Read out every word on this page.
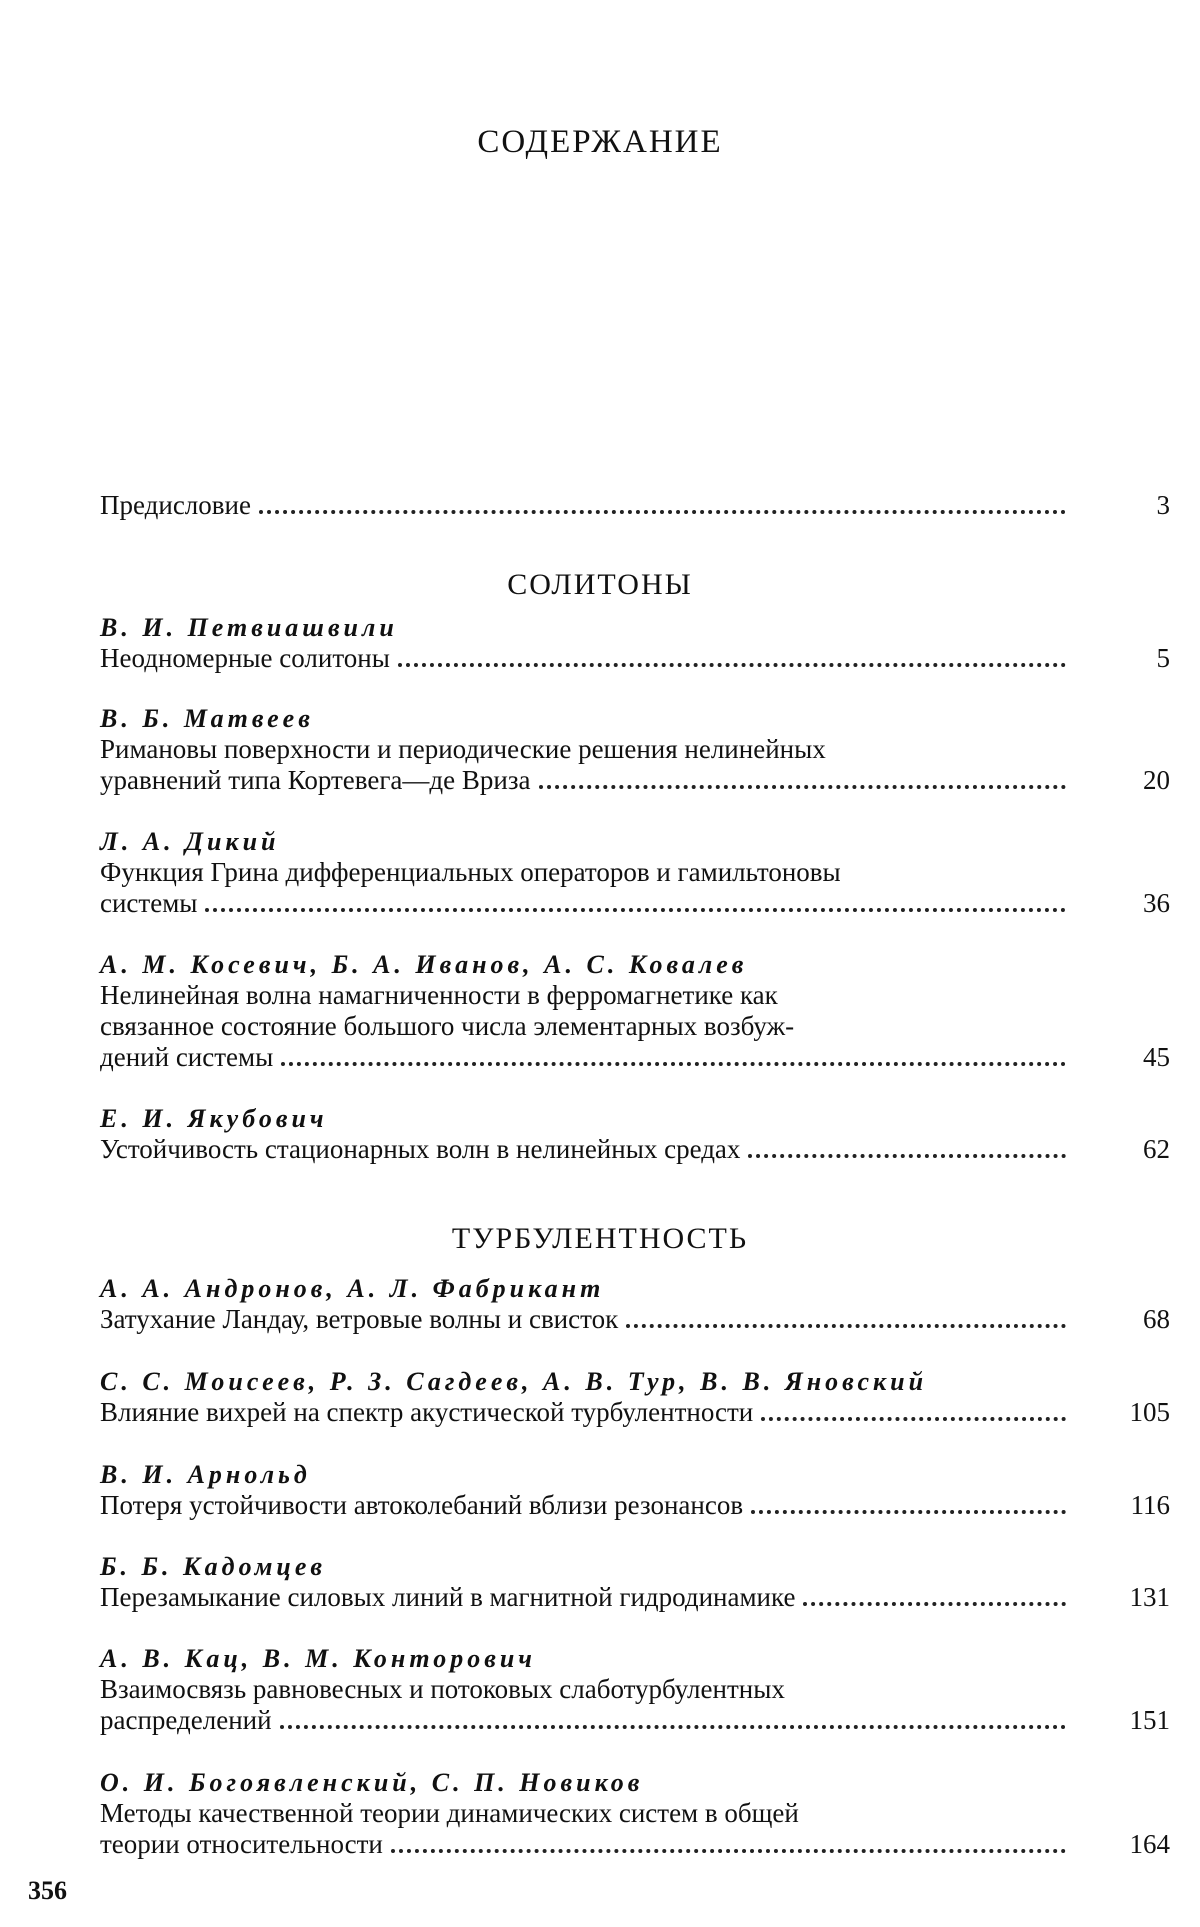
СОДЕРЖАНИЕ
Предисловие	3
СОЛИТОНЫ
В. И. Петвиашвили
Неодномерные солитоны	5
В. Б. Матвеев
Римановы поверхности и периодические решения нелинейных
уравнений типа Кортевега—де Вриза	20
Л. А. Дикий
Функция Грина дифференциальных операторов и гамильтоновы
системы	36
А. М. Косевич, Б. А. Иванов, А. С. Ковалев
Нелинейная волна намагниченности в ферромагнетике как
связанное состояние большого числа элементарных возбуж-
дений системы	45
Е. И. Якубович
Устойчивость стационарных волн в нелинейных средах	62
ТУРБУЛЕНТНОСТЬ
А. А. Андронов, А. Л. Фабрикант
Затухание Ландау, ветровые волны и свисток	68
С. С. Моисеев, Р. З. Сагдеев, А. В. Тур, В. В. Яновский
Влияние вихрей на спектр акустической турбулентности	105
В. И. Арнольд
Потеря устойчивости автоколебаний вблизи резонансов	116
Б. Б. Кадомцев
Перезамыкание силовых линий в магнитной гидродинамике	131
А. В. Кац, В. М. Конторович
Взаимосвязь равновесных и потоковых слаботурбулентных
распределений	151
О. И. Богоявленский, С. П. Новиков
Методы качественной теории динамических систем в общей
теории относительности	164
356
